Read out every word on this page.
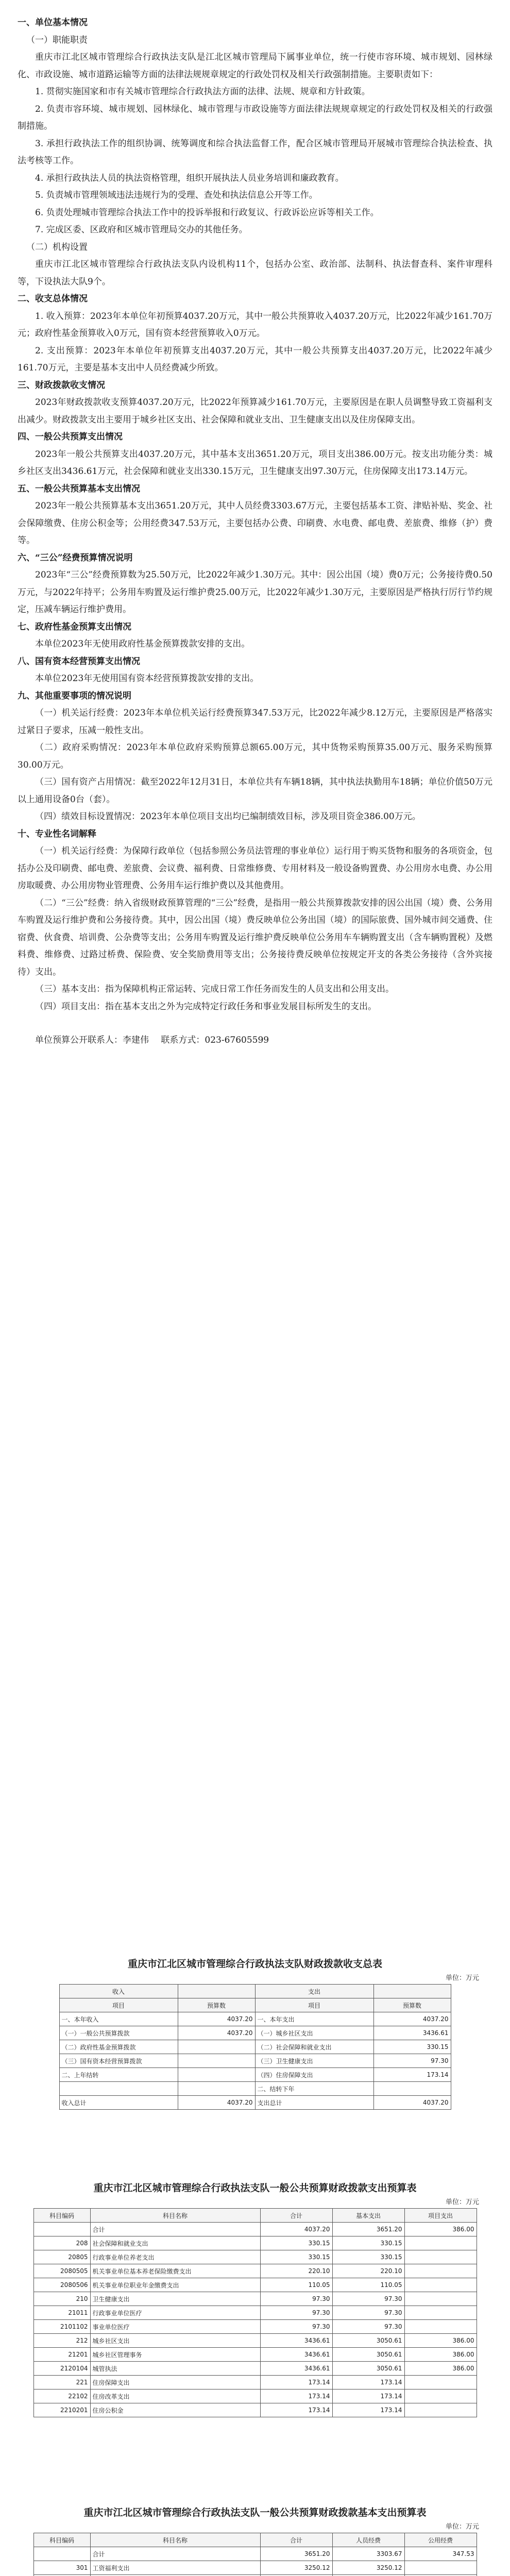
一、单位基本情况
（一）职能职责

重庆市江北区城市管理综合行政执法支队是江北区城市管理局下属事业单位，统一行使市容环境、城市规划、园林绿化、市政设施、城市道路运输等方面的法律法规规章规定的行政处罚权及相关行政强制措施。主要职责如下：

1. 贯彻实施国家和市有关城市管理综合行政执法方面的法律、法规、规章和方针政策。

2. 负责市容环境、城市规划、园林绿化、城市管理与市政设施等方面法律法规规章规定的行政处罚权及相关的行政强制措施。

3. 承担行政执法工作的组织协调、统筹调度和综合执法监督工作，配合区城市管理局开展城市管理综合执法检查、执法考核等工作。

4. 承担行政执法人员的执法资格管理，组织开展执法人员业务培训和廉政教育。

5. 负责城市管理领域违法违规行为的受理、查处和执法信息公开等工作。

6. 负责处理城市管理综合执法工作中的投诉举报和行政复议、行政诉讼应诉等相关工作。

7. 完成区委、区政府和区城市管理局交办的其他任务。

（二）机构设置

重庆市江北区城市管理综合行政执法支队内设机构11个，包括办公室、政治部、法制科、执法督查科、案件审理科等，下设执法大队9个。

二、收支总体情况

1. 收入预算：2023年本单位年初预算4037.20万元，其中一般公共预算收入4037.20万元，比2022年减少161.70万元；政府性基金预算收入0万元，国有资本经营预算收入0万元。

2. 支出预算：2023年本单位年初预算支出4037.20万元，其中一般公共预算支出4037.20万元，比2022年减少161.70万元，主要是基本支出中人员经费减少所致。

三、财政拨款收支情况

2023年财政拨款收支预算4037.20万元，比2022年预算减少161.70万元，主要原因是在职人员调整导致工资福利支出减少。财政拨款支出主要用于城乡社区支出、社会保障和就业支出、卫生健康支出以及住房保障支出。

四、一般公共预算支出情况

2023年一般公共预算支出4037.20万元，其中基本支出3651.20万元，项目支出386.00万元。按支出功能分类：城乡社区支出3436.61万元，社会保障和就业支出330.15万元，卫生健康支出97.30万元，住房保障支出173.14万元。

五、一般公共预算基本支出情况

2023年一般公共预算基本支出3651.20万元，其中人员经费3303.67万元，主要包括基本工资、津贴补贴、奖金、社会保障缴费、住房公积金等；公用经费347.53万元，主要包括办公费、印刷费、水电费、邮电费、差旅费、维修（护）费等。

六、“三公”经费预算情况说明

2023年“三公”经费预算数为25.50万元，比2022年减少1.30万元。其中：因公出国（境）费0万元；公务接待费0.50万元，与2022年持平；公务用车购置及运行维护费25.00万元，比2022年减少1.30万元，主要原因是严格执行厉行节约规定，压减车辆运行维护费用。

七、政府性基金预算支出情况

本单位2023年无使用政府性基金预算拨款安排的支出。

八、国有资本经营预算支出情况

本单位2023年无使用国有资本经营预算拨款安排的支出。

九、其他重要事项的情况说明

（一）机关运行经费：2023年本单位机关运行经费预算347.53万元，比2022年减少8.12万元，主要原因是严格落实过紧日子要求，压减一般性支出。

（二）政府采购情况：2023年本单位政府采购预算总额65.00万元，其中货物采购预算35.00万元、服务采购预算30.00万元。

（三）国有资产占用情况：截至2022年12月31日，本单位共有车辆18辆，其中执法执勤用车18辆；单位价值50万元以上通用设备0台（套）。

（四）绩效目标设置情况：2023年本单位项目支出均已编制绩效目标，涉及项目资金386.00万元。

十、专业性名词解释

（一）机关运行经费：为保障行政单位（包括参照公务员法管理的事业单位）运行用于购买货物和服务的各项资金，包括办公及印刷费、邮电费、差旅费、会议费、福利费、日常维修费、专用材料及一般设备购置费、办公用房水电费、办公用房取暖费、办公用房物业管理费、公务用车运行维护费以及其他费用。

（二）“三公”经费：纳入省级财政预算管理的“三公”经费，是指用一般公共预算拨款安排的因公出国（境）费、公务用车购置及运行维护费和公务接待费。其中，因公出国（境）费反映单位公务出国（境）的国际旅费、国外城市间交通费、住宿费、伙食费、培训费、公杂费等支出；公务用车购置及运行维护费反映单位公务用车车辆购置支出（含车辆购置税）及燃料费、维修费、过路过桥费、保险费、安全奖励费用等支出；公务接待费反映单位按规定开支的各类公务接待（含外宾接待）支出。

（三）基本支出：指为保障机构正常运转、完成日常工作任务而发生的人员支出和公用支出。

（四）项目支出：指在基本支出之外为完成特定行政任务和事业发展目标所发生的支出。

单位预算公开联系人：李建伟 联系方式：023-67605599

重庆市江北区城市管理综合行政执法支队财政拨款收支总表
单位：万元
收入		支出	
项目	预算数	项目	预算数
一、本年收入	4037.20	一、本年支出	4037.20
（一）一般公共预算拨款	4037.20	（一）城乡社区支出	3436.61
（二）政府性基金预算拨款		（二）社会保障和就业支出	330.15
（三）国有资本经营预算拨款		（三）卫生健康支出	97.30
二、上年结转		（四）住房保障支出	173.14
		二、结转下年	
收入总计	4037.20	支出总计	4037.20
重庆市江北区城市管理综合行政执法支队一般公共预算财政拨款支出预算表
单位：万元
科目编码	科目名称	合计	基本支出	项目支出
	合计	4037.20	3651.20	386.00
208	社会保障和就业支出	330.15	330.15	
20805	行政事业单位养老支出	330.15	330.15	
2080505	机关事业单位基本养老保险缴费支出	220.10	220.10	
2080506	机关事业单位职业年金缴费支出	110.05	110.05	
210	卫生健康支出	97.30	97.30	
21011	行政事业单位医疗	97.30	97.30	
2101102	事业单位医疗	97.30	97.30	
212	城乡社区支出	3436.61	3050.61	386.00
21201	城乡社区管理事务	3436.61	3050.61	386.00
2120104	城管执法	3436.61	3050.61	386.00
221	住房保障支出	173.14	173.14	
22102	住房改革支出	173.14	173.14	
2210201	住房公积金	173.14	173.14	
重庆市江北区城市管理综合行政执法支队一般公共预算财政拨款基本支出预算表
单位：万元
科目编码	科目名称	合计	人员经费	公用经费
	合计	3651.20	3303.67	347.53
301	工资福利支出	3250.12	3250.12	
